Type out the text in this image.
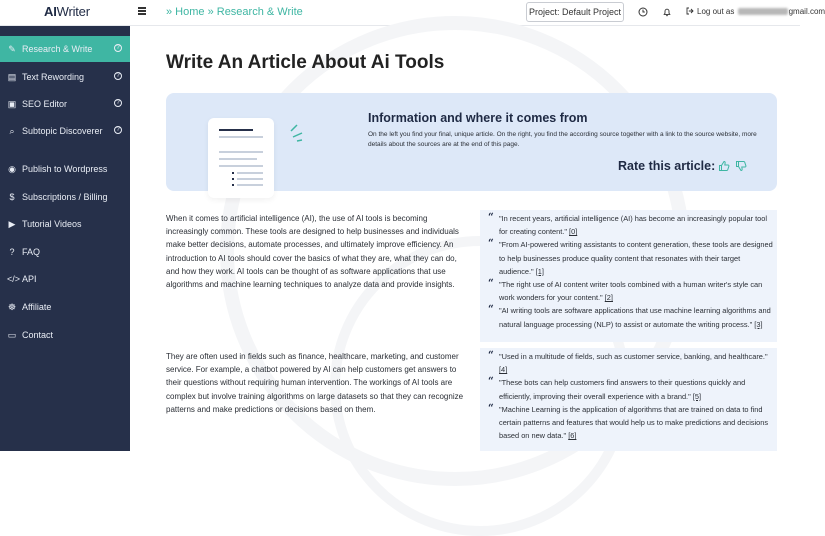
AIWriter	» Home » Research & Write	Project: Default Project	Log out as	gmail.com
✎ Research & Write	?
▤ Text Rewording	?
▣ SEO Editor	?
⌕ Subtopic Discoverer	?
◉ Publish to Wordpress
$ Subscriptions / Billing
▶ Tutorial Videos
? FAQ
</> API
☸ Affiliate
▭ Contact
Write An Article About Ai Tools
Information and where it comes from
On the left you find your final, unique article. On the right, you find the according source together with a link to the source website, more details about the sources are at the end of this page.
Rate this article:

When it comes to artificial intelligence (AI), the use of AI tools is becoming increasingly common. These tools are designed to help businesses and individuals make better decisions, automate processes, and ultimately improve efficiency. An introduction to AI tools should cover the basics of what they are, what they can do, and how they work. AI tools can be thought of as software applications that use algorithms and machine learning techniques to analyze data and provide insights.

They are often used in fields such as finance, healthcare, marketing, and customer service. For example, a chatbot powered by AI can help customers get answers to their questions without requiring human intervention. The workings of AI tools are complex but involve training algorithms on large datasets so that they can recognize patterns and make predictions or decisions based on them.

“ "In recent years, artificial intelligence (AI) has become an increasingly popular tool for creating content." [0]
“ "From AI-powered writing assistants to content generation, these tools are designed to help businesses produce quality content that resonates with their target audience." [1]
“ "The right use of AI content writer tools combined with a human writer's style can work wonders for your content." [2]
“ "AI writing tools are software applications that use machine learning algorithms and natural language processing (NLP) to assist or automate the writing process." [3]
“ "Used in a multitude of fields, such as customer service, banking, and healthcare." [4]
“ "These bots can help customers find answers to their questions quickly and efficiently, improving their overall experience with a brand." [5]
“ "Machine Learning is the application of algorithms that are trained on data to find certain patterns and features that would help us to make predictions and decisions based on new data." [6]
